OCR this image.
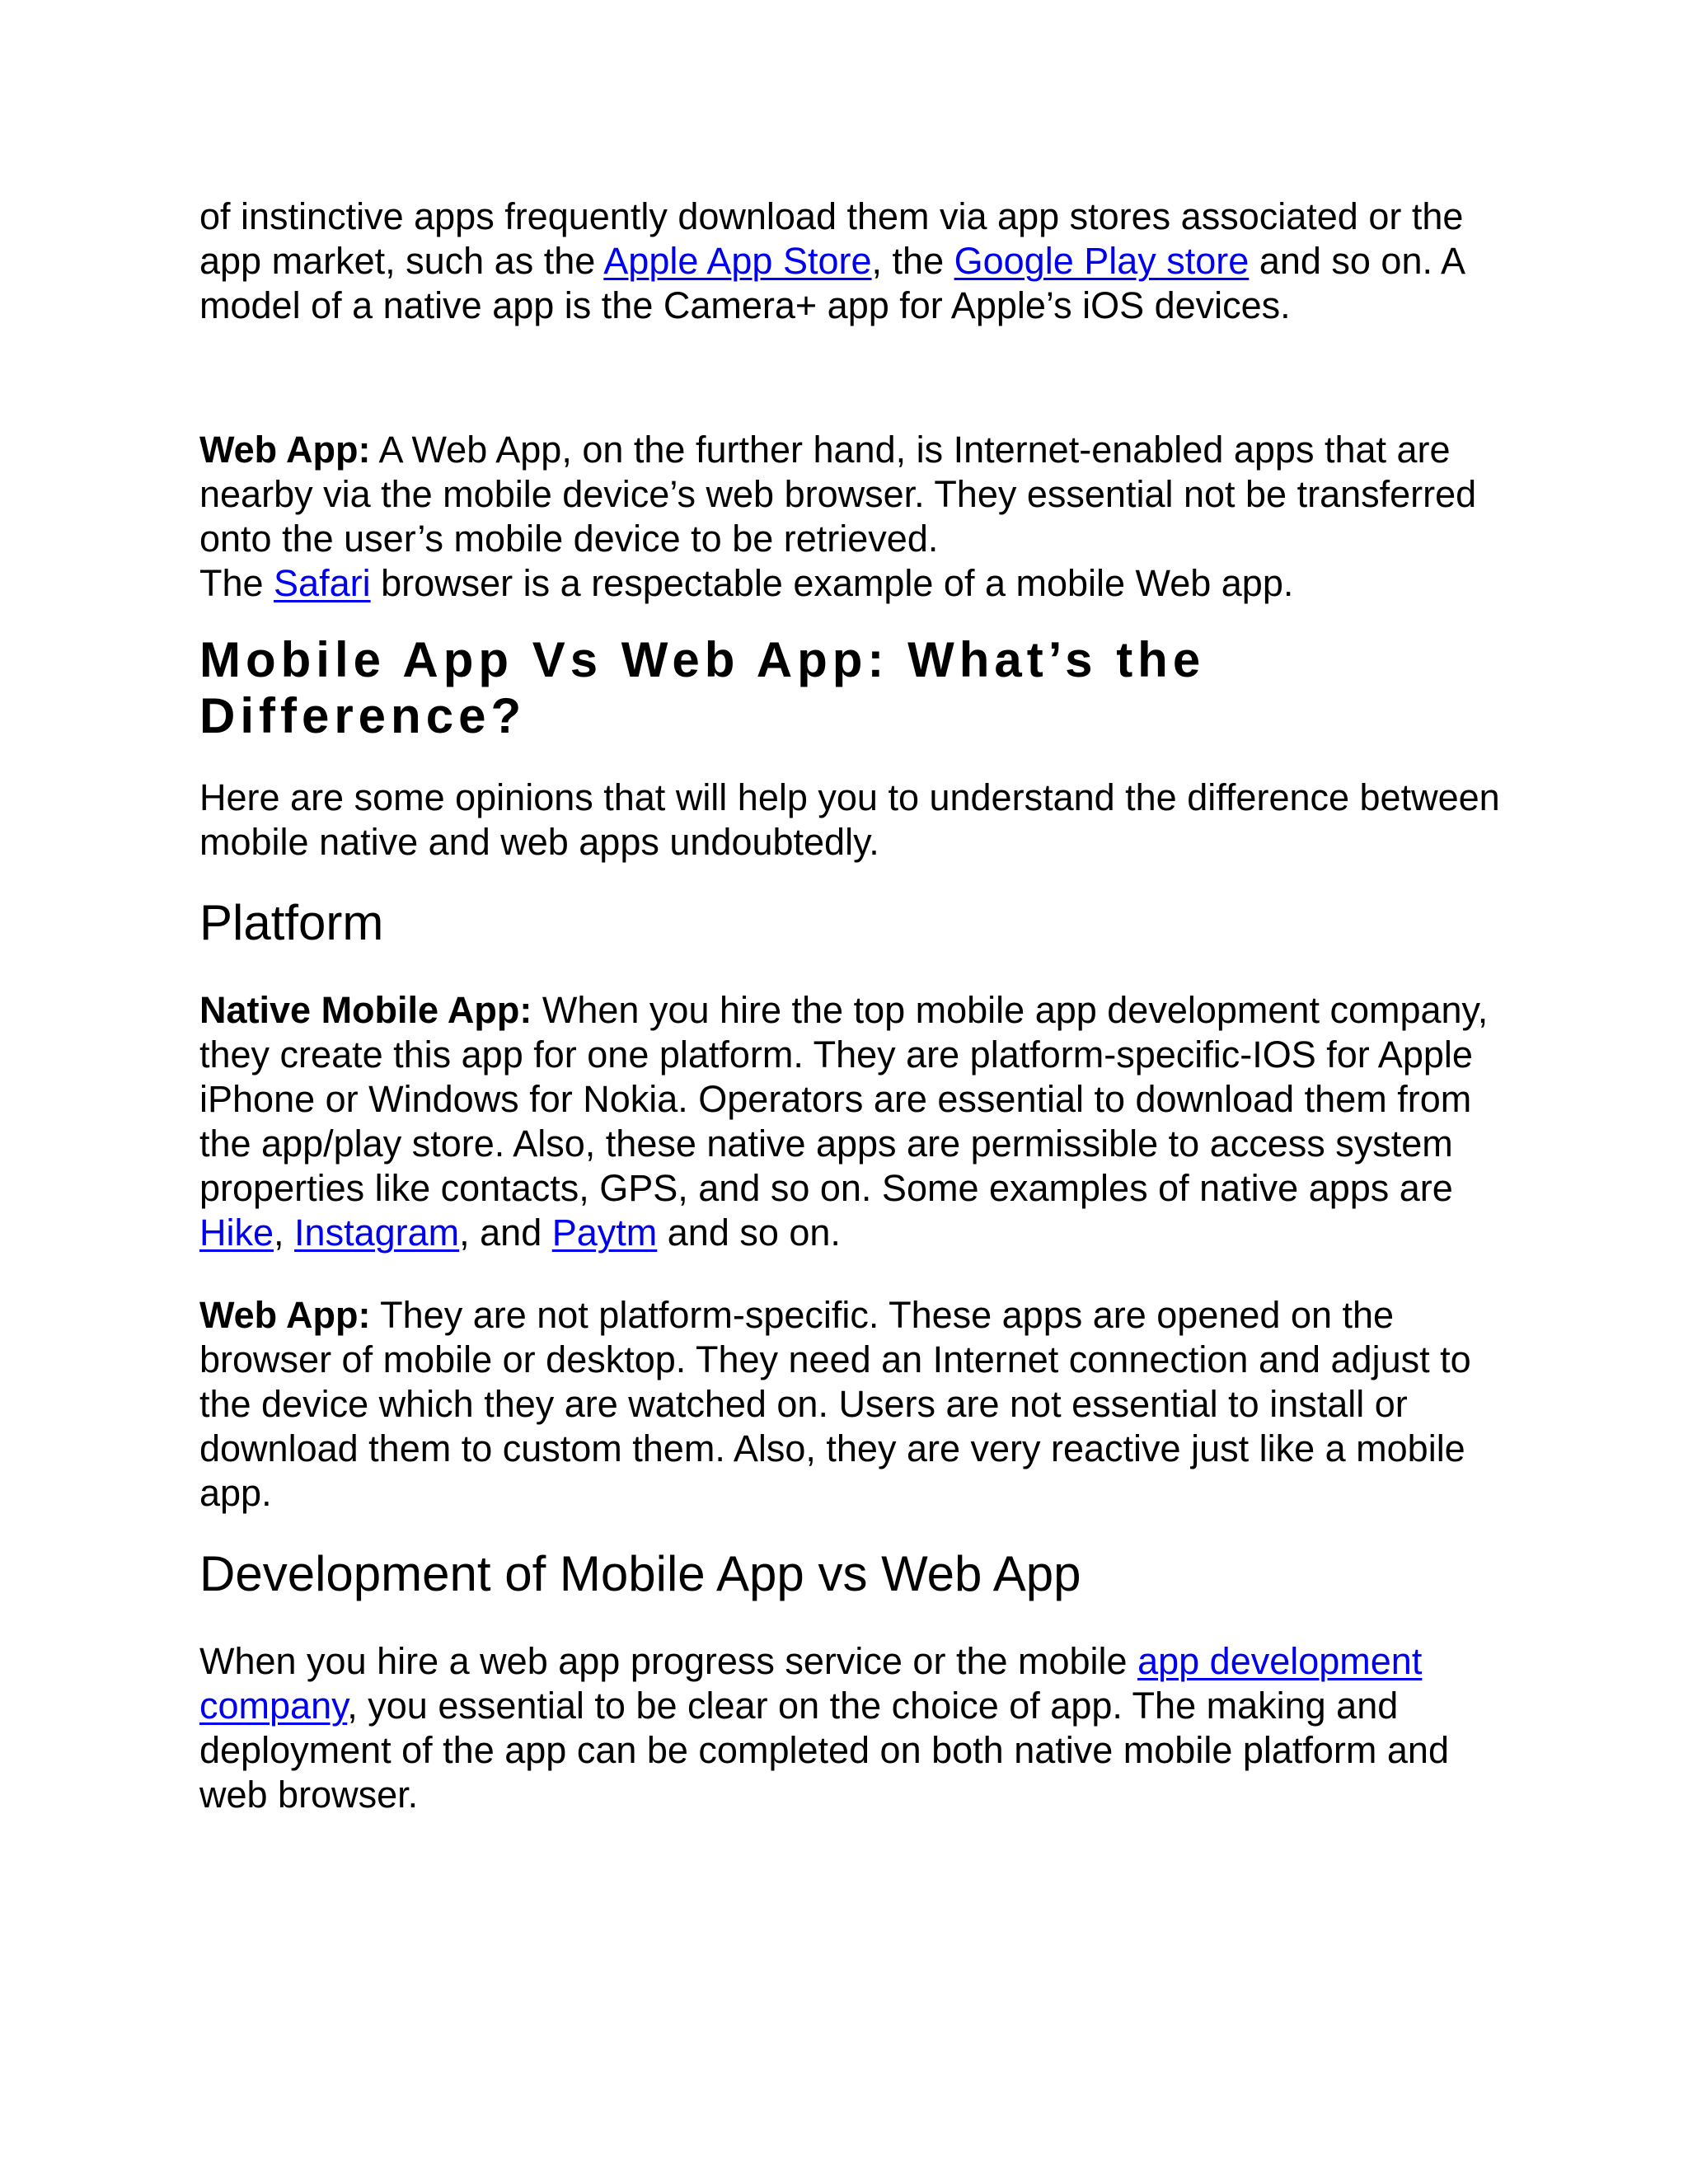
of instinctive apps frequently download them via app stores associated or the app market, such as the Apple App Store, the Google Play store and so on. A model of a native app is the Camera+ app for Apple’s iOS devices.

Web App: A Web App, on the further hand, is Internet-enabled apps that are nearby via the mobile device’s web browser. They essential not be transferred onto the user’s mobile device to be retrieved.

The Safari browser is a respectable example of a mobile Web app.

Mobile App Vs Web App: What’s the Difference?

Here are some opinions that will help you to understand the difference between mobile native and web apps undoubtedly.

Platform

Native Mobile App: When you hire the top mobile app development company, they create this app for one platform. They are platform-specific-IOS for Apple iPhone or Windows for Nokia. Operators are essential to download them from the app/play store. Also, these native apps are permissible to access system properties like contacts, GPS, and so on. Some examples of native apps are Hike, Instagram, and Paytm and so on.

Web App: They are not platform-specific. These apps are opened on the browser of mobile or desktop. They need an Internet connection and adjust to the device which they are watched on. Users are not essential to install or download them to custom them. Also, they are very reactive just like a mobile app.

Development of Mobile App vs Web App

When you hire a web app progress service or the mobile app development company, you essential to be clear on the choice of app. The making and deployment of the app can be completed on both native mobile platform and web browser.
